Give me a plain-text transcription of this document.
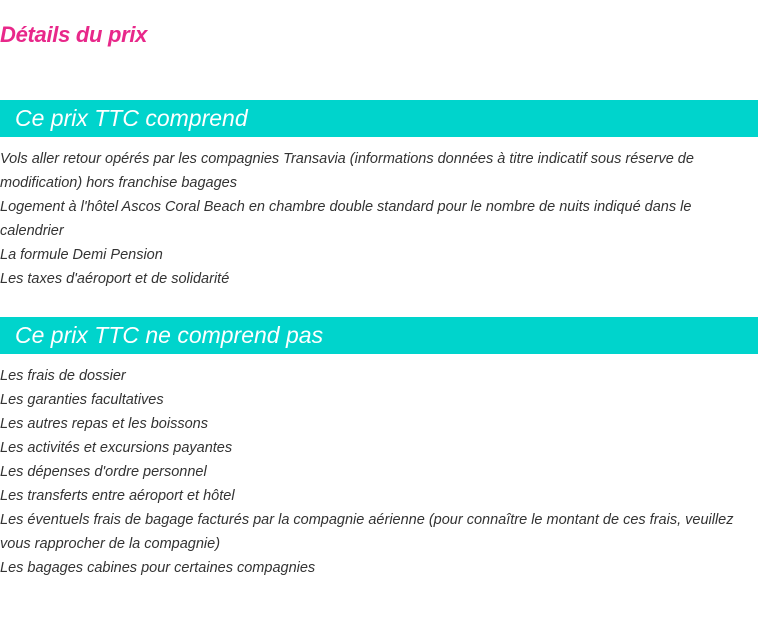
Détails du prix
Ce prix TTC comprend
Vols aller retour opérés par les compagnies Transavia (informations données à titre indicatif sous réserve de modification) hors franchise bagages
Logement à l'hôtel Ascos Coral Beach en chambre double standard pour le nombre de nuits indiqué dans le calendrier
La formule Demi Pension
Les taxes d'aéroport et de solidarité
Ce prix TTC ne comprend pas
Les frais de dossier
Les garanties facultatives
Les autres repas et les boissons
Les activités et excursions payantes
Les dépenses d'ordre personnel
Les transferts entre aéroport et hôtel
Les éventuels frais de bagage facturés par la compagnie aérienne (pour connaître le montant de ces frais, veuillez vous rapprocher de la compagnie)
Les bagages cabines pour certaines compagnies
